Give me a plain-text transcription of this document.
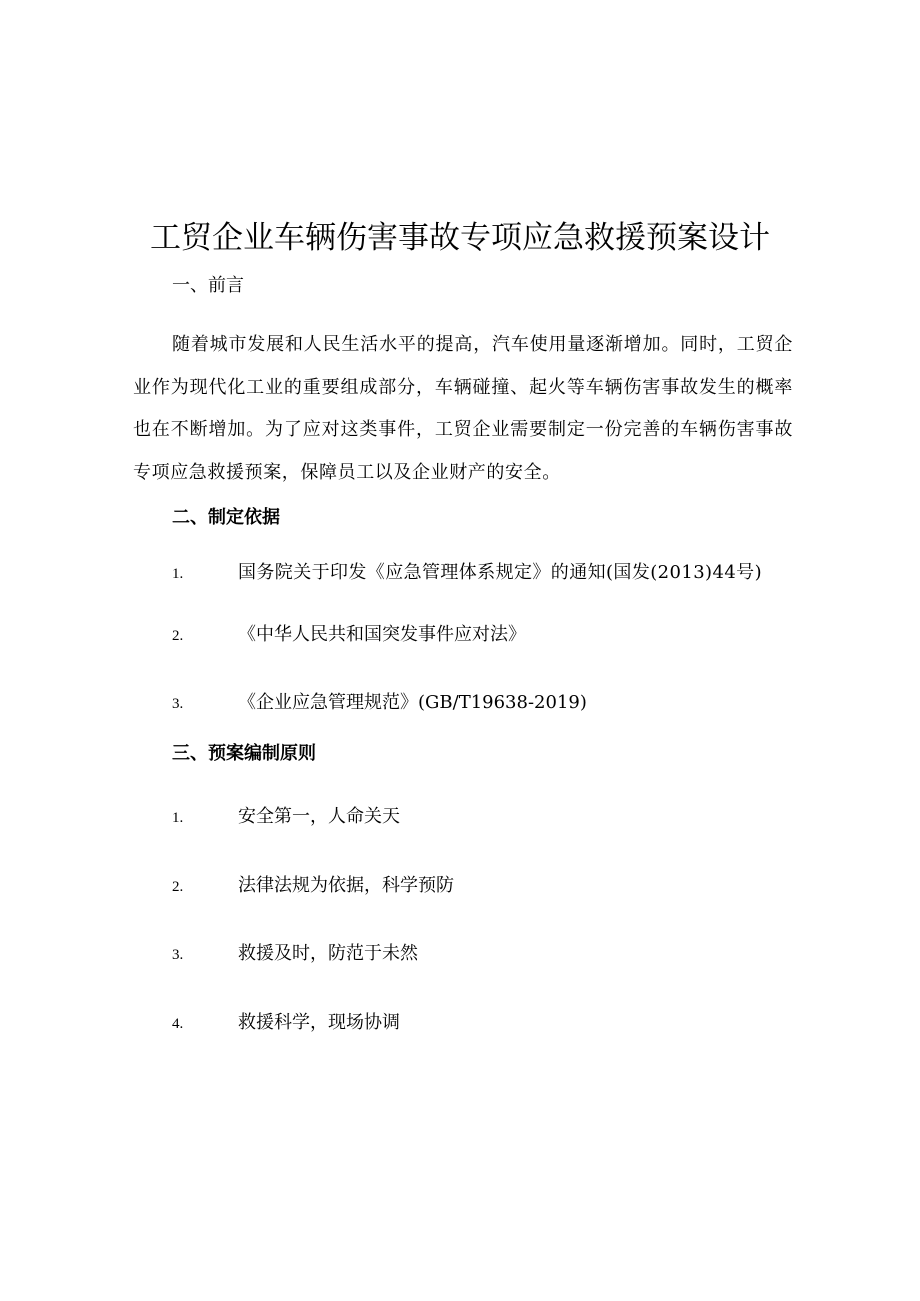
工贸企业车辆伤害事故专项应急救援预案设计
一、前言
随着城市发展和人民生活水平的提高，汽车使用量逐渐增加。同时，工贸企业作为现代化工业的重要组成部分，车辆碰撞、起火等车辆伤害事故发生的概率也在不断增加。为了应对这类事件，工贸企业需要制定一份完善的车辆伤害事故专项应急救援预案，保障员工以及企业财产的安全。
二、制定依据
1.	国务院关于印发《应急管理体系规定》的通知(国发(2013)44号)
2.	《中华人民共和国突发事件应对法》
3.	《企业应急管理规范》(GB/T19638-2019)
三、预案编制原则
1.	安全第一，人命关天
2.	法律法规为依据，科学预防
3.	救援及时，防范于未然
4.	救援科学，现场协调
